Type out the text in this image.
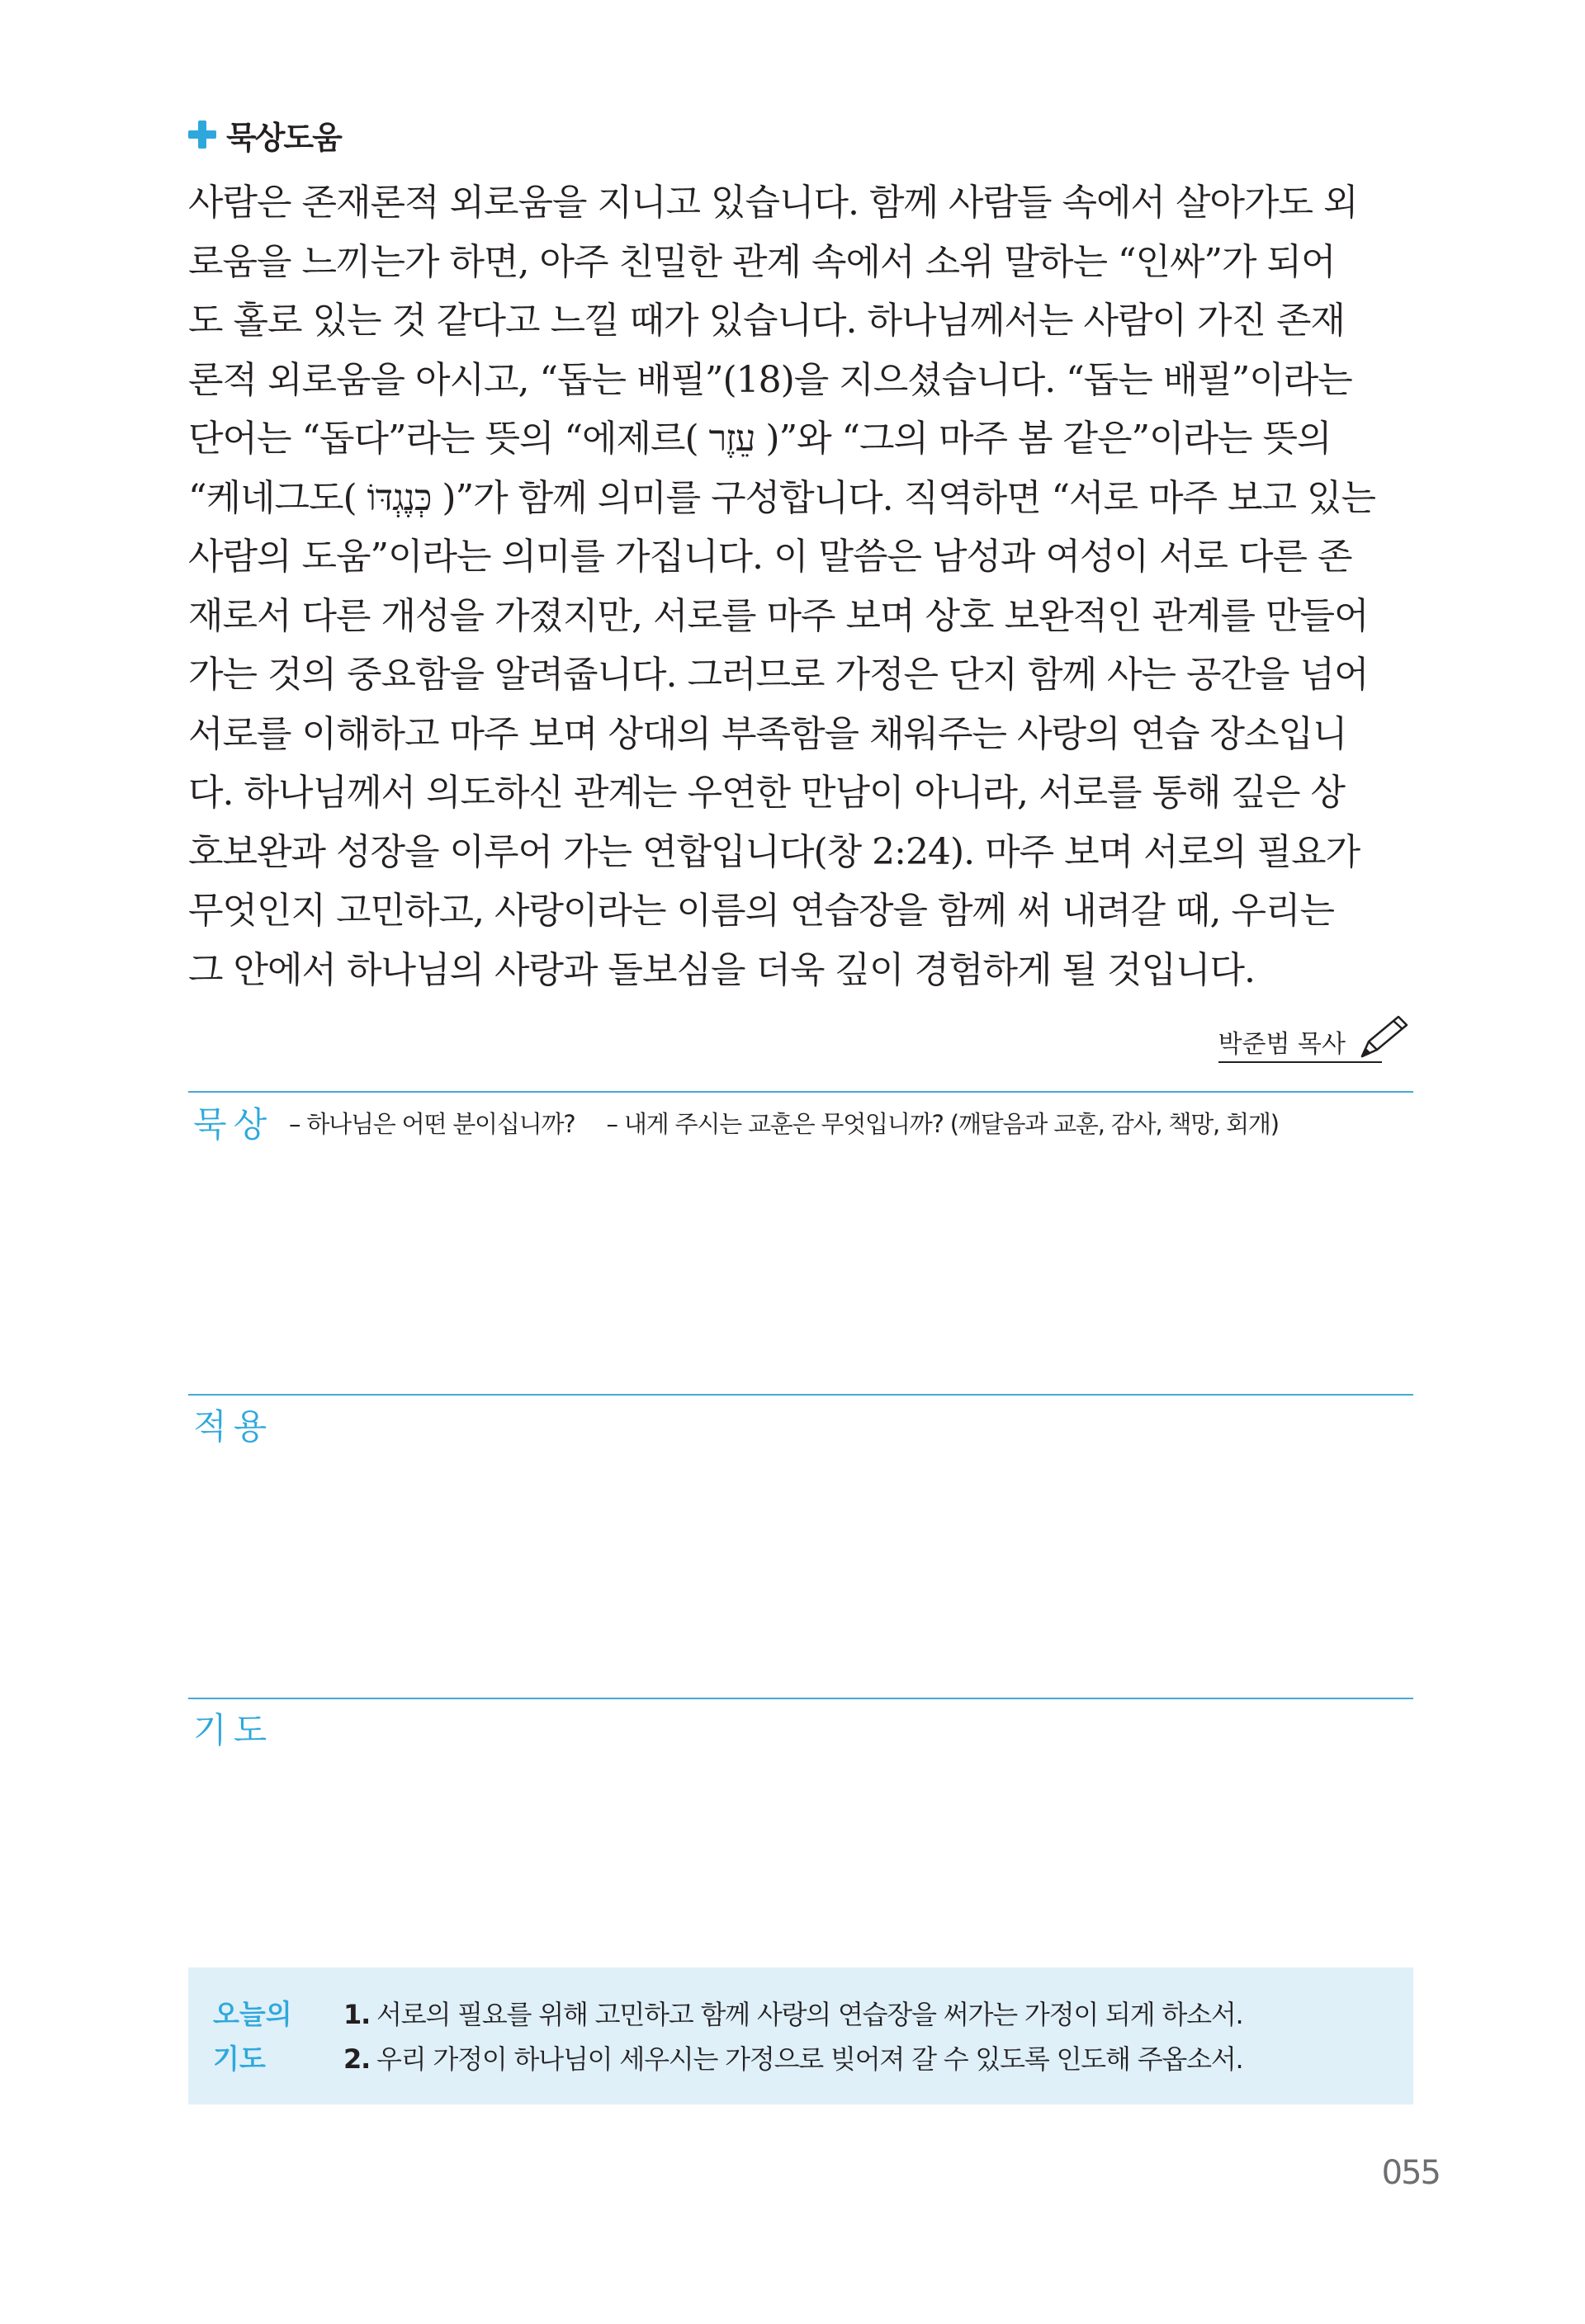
묵상도움
사람은 존재론적 외로움을 지니고 있습니다. 함께 사람들 속에서 살아가도 외
로움을 느끼는가 하면, 아주 친밀한 관계 속에서 소위 말하는 “인싸”가 되어
도 홀로 있는 것 같다고 느낄 때가 있습니다. 하나님께서는 사람이 가진 존재
론적 외로움을 아시고, “돕는 배필”(18)을 지으셨습니다. “돕는 배필”이라는
단어는 “돕다”라는 뜻의 “에제르( עֵזֶר )”와 “그의 마주 봄 같은”이라는 뜻의
“케네그도( כְּנֶגְדּוֹ )”가 함께 의미를 구성합니다. 직역하면 “서로 마주 보고 있는
사람의 도움”이라는 의미를 가집니다. 이 말씀은 남성과 여성이 서로 다른 존
재로서 다른 개성을 가졌지만, 서로를 마주 보며 상호 보완적인 관계를 만들어
가는 것의 중요함을 알려줍니다. 그러므로 가정은 단지 함께 사는 공간을 넘어
서로를 이해하고 마주 보며 상대의 부족함을 채워주는 사랑의 연습 장소입니
다. 하나님께서 의도하신 관계는 우연한 만남이 아니라, 서로를 통해 깊은 상
호보완과 성장을 이루어 가는 연합입니다(창 2:24). 마주 보며 서로의 필요가
무엇인지 고민하고, 사랑이라는 이름의 연습장을 함께 써 내려갈 때, 우리는
그 안에서 하나님의 사랑과 돌보심을 더욱 깊이 경험하게 될 것입니다.
박준범 목사
묵상 – 하나님은 어떤 분이십니까? – 내게 주시는 교훈은 무엇입니까? (깨달음과 교훈, 감사, 책망, 회개)
적용
기도
오늘의
기도
1. 서로의 필요를 위해 고민하고 함께 사랑의 연습장을 써가는 가정이 되게 하소서.
2. 우리 가정이 하나님이 세우시는 가정으로 빚어져 갈 수 있도록 인도해 주옵소서.
055
